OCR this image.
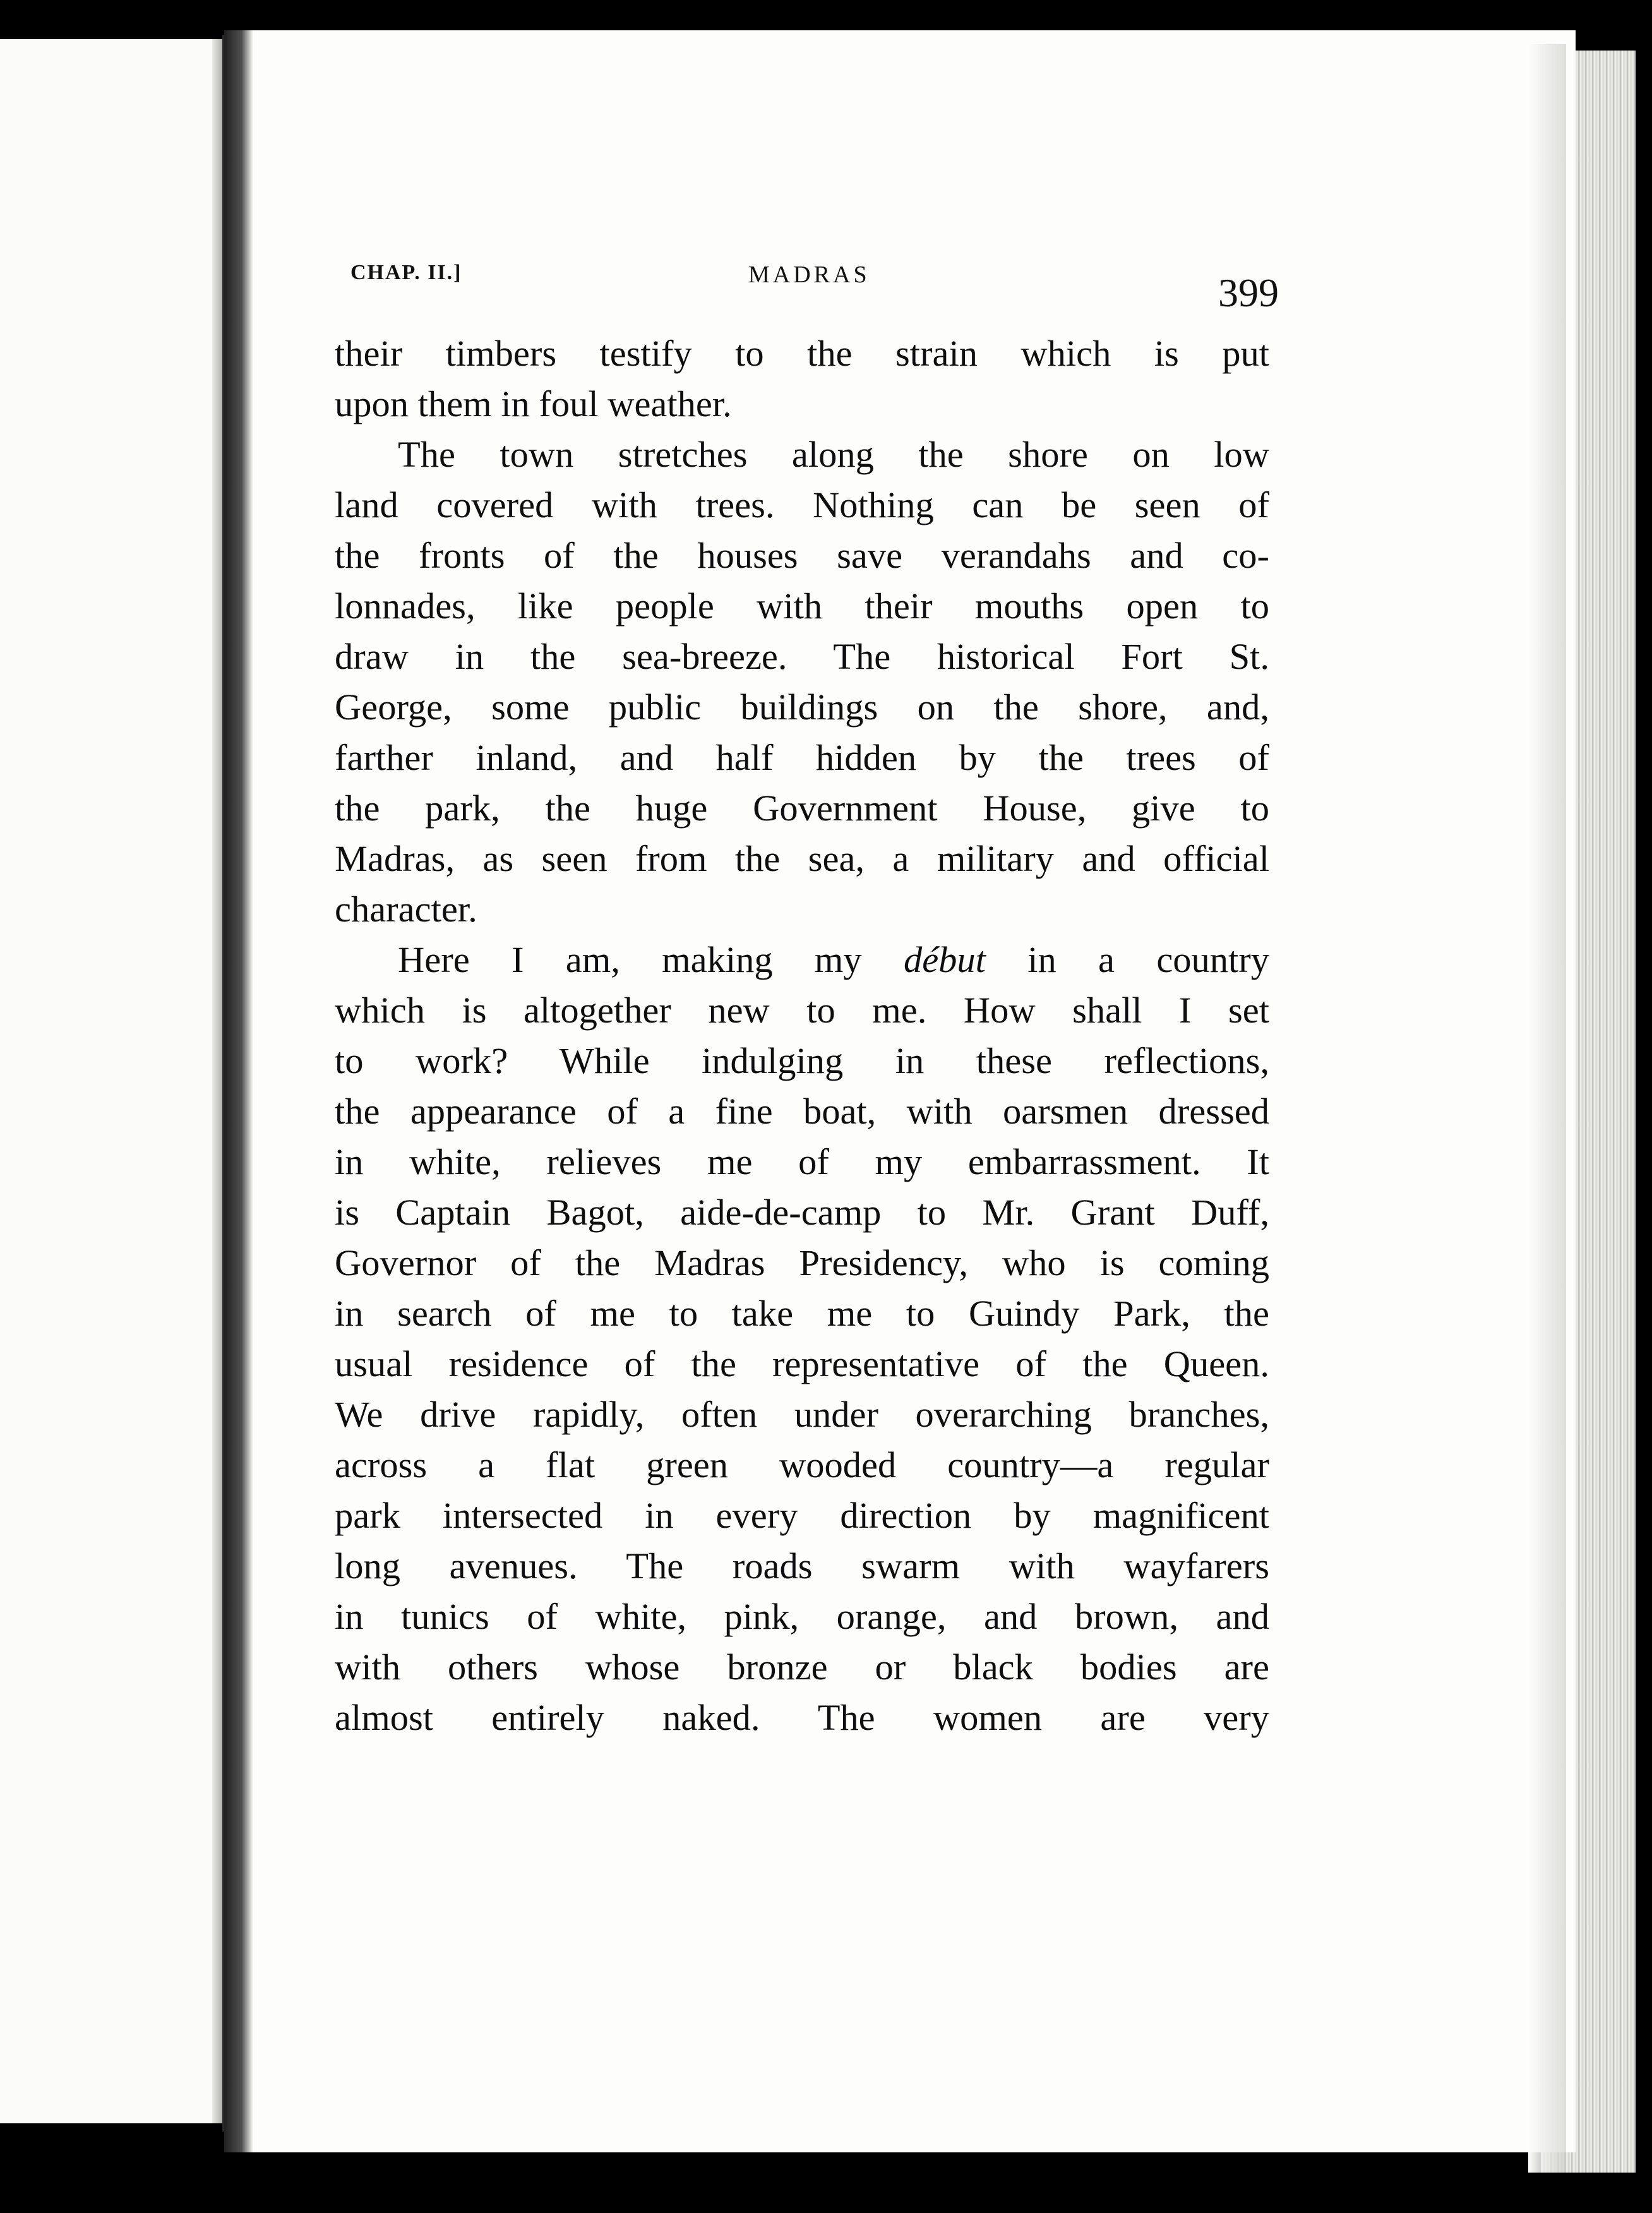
CHAP. II.]	MADRAS	399
their timbers testify to the strain which is put
upon them in foul weather.
The town stretches along the shore on low
land covered with trees. Nothing can be seen of
the fronts of the houses save verandahs and co-
lonnades, like people with their mouths open to
draw in the sea-breeze. The historical Fort St.
George, some public buildings on the shore, and,
farther inland, and half hidden by the trees of
the park, the huge Government House, give to
Madras, as seen from the sea, a military and official
character.
Here I am, making my début in a country
which is altogether new to me. How shall I set
to work? While indulging in these reflections,
the appearance of a fine boat, with oarsmen dressed
in white, relieves me of my embarrassment. It
is Captain Bagot, aide-de-camp to Mr. Grant Duff,
Governor of the Madras Presidency, who is coming
in search of me to take me to Guindy Park, the
usual residence of the representative of the Queen.
We drive rapidly, often under overarching branches,
across a flat green wooded country—a regular
park intersected in every direction by magnificent
long avenues. The roads swarm with wayfarers
in tunics of white, pink, orange, and brown, and
with others whose bronze or black bodies are
almost entirely naked. The women are very
